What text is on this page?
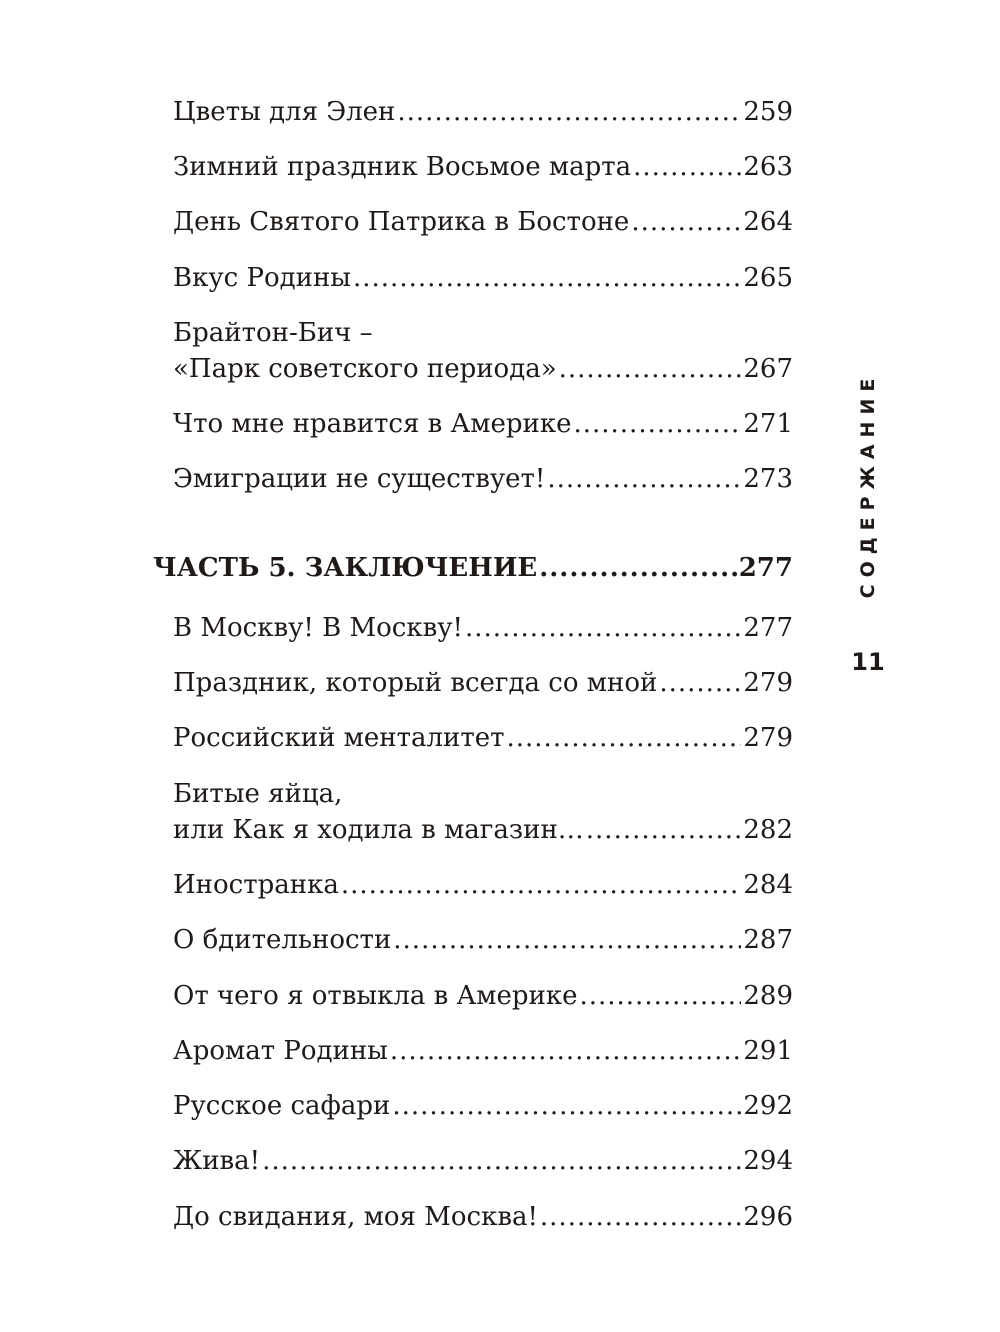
Цветы для Элен .....	259
Зимний праздник Восьмое марта .....	263
День Святого Патрика в Бостоне .....	264
Вкус Родины .....	265
Брайтон-Бич –
«Парк советского периода» .....	267
Что мне нравится в Америке .....	271
Эмиграции не существует! .....	273
ЧАСТЬ 5. ЗАКЛЮЧЕНИЕ .....	277
В Москву! В Москву! .....	277
Праздник, который всегда со мной .....	279
Российский менталитет .....	279
Битые яйца,
или Как я ходила в магазин… .....	282
Иностранка .....	284
О бдительности .....	287
От чего я отвыкла в Америке .....	289
Аромат Родины .....	291
Русское сафари .....	292
Жива! .....	294
До свидания, моя Москва! .....	296
СОДЕРЖАНИЕ
11
